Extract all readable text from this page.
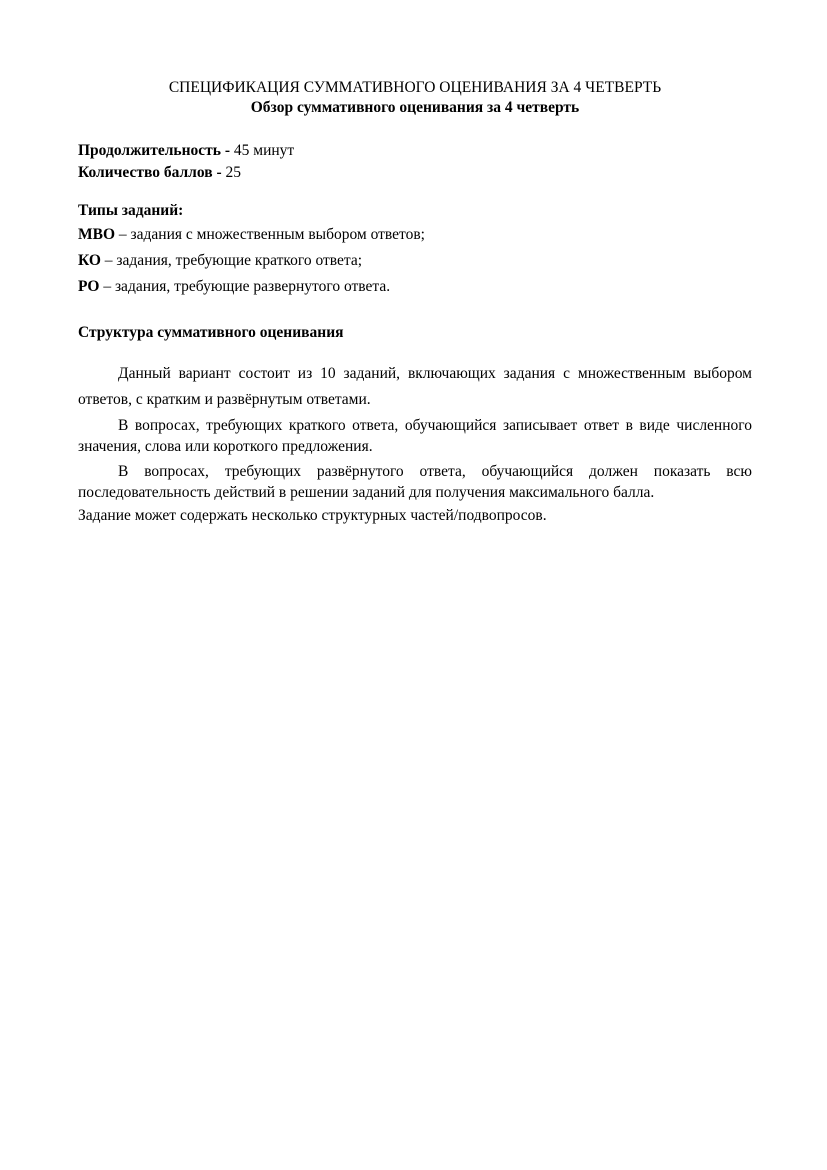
СПЕЦИФИКАЦИЯ СУММАТИВНОГО ОЦЕНИВАНИЯ ЗА 4 ЧЕТВЕРТЬ

Обзор суммативного оценивания за 4 четверть

Продолжительность - 45 минут
Количество баллов - 25
Типы заданий:
МВО – задания с множественным выбором ответов;
КО – задания, требующие краткого ответа;
РО – задания, требующие развернутого ответа.
Структура суммативного оценивания

Данный вариант состоит из 10 заданий, включающих задания с множественным выбором ответов, с кратким и развёрнутым ответами.

В вопросах, требующих краткого ответа, обучающийся записывает ответ в виде численного значения, слова или короткого предложения.

В вопросах, требующих развёрнутого ответа, обучающийся должен показать всю последовательность действий в решении заданий для получения максимального балла.

Задание может содержать несколько структурных частей/подвопросов.
